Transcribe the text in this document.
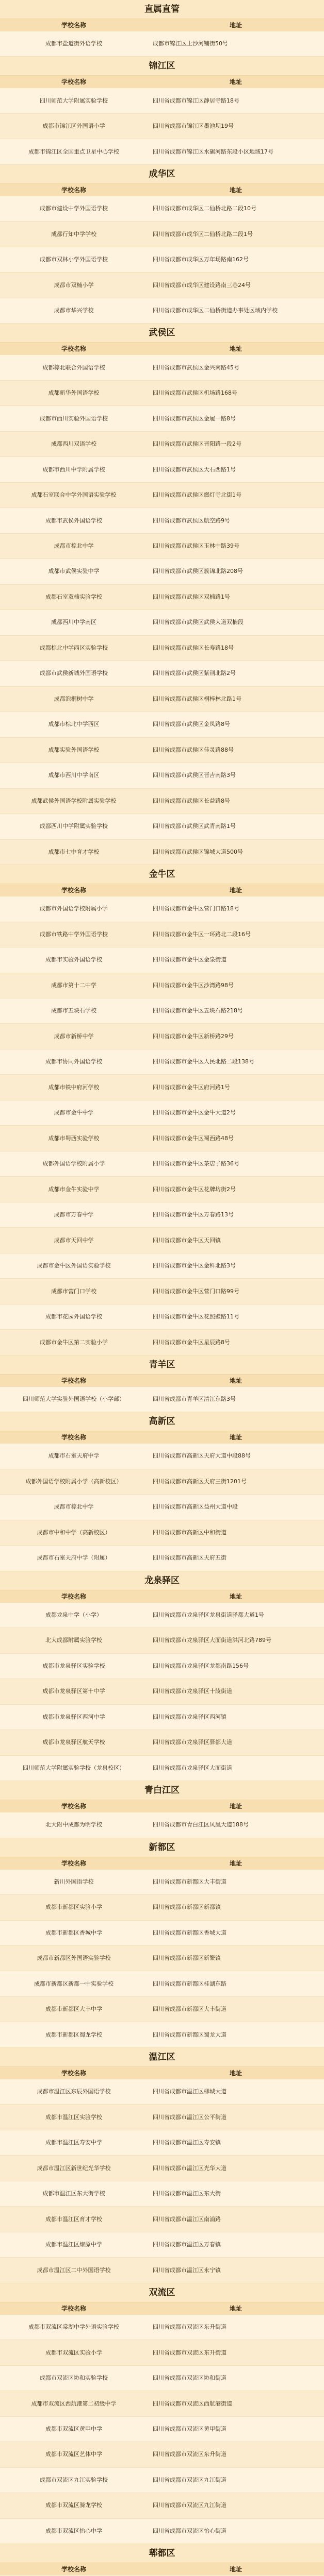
直属直管
学校名称	地址
成都市盐道街外语学校	成都市锦江区上沙河铺街50号
锦江区
学校名称	地址
四川师范大学附属实验学校	四川省成都市锦江区静居寺路18号
成都市锦江区外国语小学	四川省成都市锦江区墨池坝19号
成都市锦江区全国重点卫星中心学校	四川省成都市锦江区水碾河路东段小区地域17号
成华区
学校名称	地址
成都市建设中学外国语学校	四川省成都市成华区二仙桥北路二段10号
成都行知中学学校	四川省成都市成华区二仙桥北路二段1号
成都市双林小学外国语学校	四川省成都市成华区万年场路南162号
成都市双楠小学	四川省成都市成华区建设路南三巷24号
成都市华兴学校	四川省成都市成华区二仙桥街道办事处区域内学校
武侯区
学校名称	地址
成都棕北联合外国语学校	四川省成都市武侯区金兴南路45号
成都新华外国语学校	四川省成都市武侯区机场路168号
成都市西川实验外国语学校	四川省成都市武侯区金履一路8号
成都西川双语学校	四川省成都市武侯区晋阳路一段2号
成都市西川中学附属学校	四川省成都市武侯区大石西路1号
成都石室联合中学外国语实验学校	四川省成都市武侯区燃灯寺北街1号
成都市武侯外国语学校	四川省成都市武侯区航空路9号
成都市棕北中学	四川省成都市武侯区玉林中路39号
成都市武侯实验中学	四川省成都市武侯区簇锦北路208号
成都石室双楠实验学校	四川省成都市武侯区双楠路1号
成都西川中学南区	四川省成都市武侯区武侯大道双楠段
成都棕北中学西区实验学校	四川省成都市武侯区长寿路18号
成都市武侯新城外国语学校	四川省成都市武侯区紫荆北路2号
成都泡桐树中学	四川省成都市武侯区桐梓林北路1号
成都市棕北中学西区	四川省成都市武侯区金凤路8号
成都实验外国语学校	四川省成都市武侯区佳灵路88号
成都市西川中学南区	四川省成都市武侯区晋吉南路3号
成都武侯外国语学校附属实验学校	四川省成都市武侯区长益路8号
成都西川中学附属实验学校	四川省成都市武侯区武青南路1号
成都市七中育才学校	四川省成都市武侯区锦城大道500号
金牛区
学校名称	地址
成都市外国语学校附属小学	四川省成都市金牛区营门口路18号
成都市铁路中学外国语学校	四川省成都市金牛区一环路北二段16号
成都市实验外国语学校	四川省成都市金牛区金泉街道
成都市第十二中学	四川省成都市金牛区沙湾路98号
成都市五块石学校	四川省成都市金牛区五块石路218号
成都市新桥中学	四川省成都市金牛区新桥路29号
成都市协同外国语学校	四川省成都市金牛区人民北路二段138号
成都市铁中府河学校	四川省成都市金牛区府河路1号
成都市金牛中学	四川省成都市金牛区金牛大道2号
成都市蜀西实验学校	四川省成都市金牛区蜀西路48号
成都外国语学校附属小学	四川省成都市金牛区茶店子路36号
成都市金牛实验中学	四川省成都市金牛区花牌坊街2号
成都市万春中学	四川省成都市金牛区万春路13号
成都市天回中学	四川省成都市金牛区天回镇
成都市金牛区外国语实验学校	四川省成都市金牛区金科北路3号
成都市营门口学校	四川省成都市金牛区营门口路99号
成都市花园外国语学校	四川省成都市金牛区花照壁路11号
成都市金牛区第二实验小学	四川省成都市金牛区星辰路8号
青羊区
学校名称	地址
四川师范大学实验外国语学校（小学部）	四川省成都市青羊区清江东路3号
高新区
学校名称	地址
成都市石室天府中学	四川省成都市高新区天府大道中段88号
成都外国语学校附属小学（高新校区）	四川省成都市高新区天府三街1201号
成都市棕北中学	四川省成都市高新区益州大道中段
成都市中和中学（高新校区）	四川省成都市高新区中和街道
成都市石室天府中学（附属）	四川省成都市高新区天府五街
龙泉驿区
学校名称	地址
成都龙泉中学（小学）	四川省成都市龙泉驿区龙泉街道驿都大道1号
北大成都附属实验学校	四川省成都市龙泉驿区大面街道洪河北路789号
成都市龙泉驿区实验学校	四川省成都市龙泉驿区龙都南路156号
成都市龙泉驿区第十中学	四川省成都市龙泉驿区十陵街道
成都市龙泉驿区西河中学	四川省成都市龙泉驿区西河镇
成都市龙泉驿区航天学校	四川省成都市龙泉驿区驿都大道
四川师范大学附属实验学校（龙泉校区）	四川省成都市龙泉驿区大面街道
青白江区
学校名称	地址
北大附中成都为明学校	四川省成都市青白江区凤凰大道188号
新都区
学校名称	地址
新川外国语学校	四川省成都市新都区大丰街道
成都市新都区实验小学	四川省成都市新都区新都镇
成都市新都区香城中学	四川省成都市新都区香城大道
成都市新都区外国语实验学校	四川省成都市新都区新繁镇
成都市新都区新都一中实验学校	四川省成都市新都区桂湖东路
成都市新都区大丰中学	四川省成都市新都区大丰街道
成都市新都区蜀龙学校	四川省成都市新都区蜀龙大道
温江区
学校名称	地址
成都市温江区东辰外国语学校	四川省成都市温江区柳城大道
成都市温江区实验学校	四川省成都市温江区公平街道
成都市温江区寿安中学	四川省成都市温江区寿安镇
成都市温江区新世纪光华学校	四川省成都市温江区光华大道
成都市温江区东大街学校	四川省成都市温江区东大街
成都市温江区育才学校	四川省成都市温江区南浦路
成都市温江区燎原中学	四川省成都市温江区万春镇
成都市温江区二中外国语学校	四川省成都市温江区永宁镇
双流区
学校名称	地址
成都市双流区棠湖中学外语实验学校	四川省成都市双流区东升街道
成都市双流区实验小学	四川省成都市双流区东升街道
成都市双流区协和实验学校	四川省成都市双流区协和街道
成都市双流区西航港第二初级中学	四川省成都市双流区西航港街道
成都市双流区黄甲中学	四川省成都市双流区黄甲街道
成都市双流区艺体中学	四川省成都市双流区东升街道
成都市双流区九江实验学校	四川省成都市双流区九江街道
成都市双流区骑龙学校	四川省成都市双流区九江街道
成都市双流区怡心中学	四川省成都市双流区怡心街道
郫都区
学校名称	地址
